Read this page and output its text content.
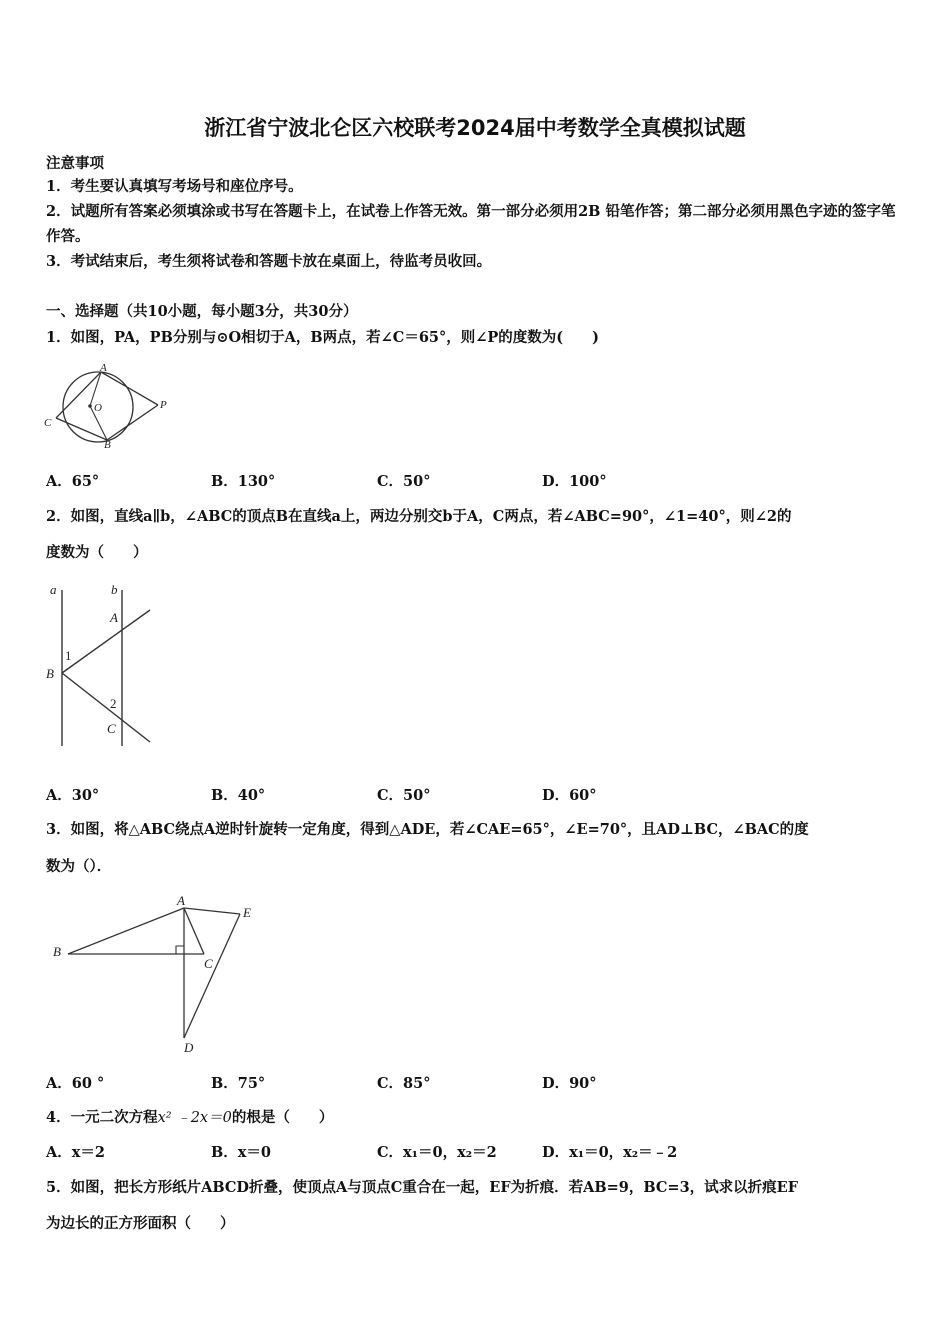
浙江省宁波北仑区六校联考2024届中考数学全真模拟试题
注意事项
1．考生要认真填写考场号和座位序号。
2．试题所有答案必须填涂或书写在答题卡上，在试卷上作答无效。第一部分必须用2B 铅笔作答；第二部分必须用黑色字迹的签字笔作答。
3．考试结束后，考生须将试卷和答题卡放在桌面上，待监考员收回。
一、选择题（共10小题，每小题3分，共30分）
1．如图，PA，PB分别与⊙O相切于A，B两点，若∠C＝65°，则∠P的度数为(　　)
A
O	P
C
B
A．65°	B．130°	C．50°	D．100°
2．如图，直线a∥b，∠ABC的顶点B在直线a上，两边分别交b于A，C两点，若∠ABC=90°，∠1=40°，则∠2的
度数为（　　）
a	b
A
1
B
2
C
A．30°	B．40°	C．50°	D．60°
3．如图，将△ABC绕点A逆时针旋转一定角度，得到△ADE，若∠CAE=65°，∠E=70°，且AD⊥BC，∠BAC的度
数为（）．
A
E
B
C
D
A．60 °	B．75°	C．85°	D．90°
4．一元二次方程x² ﹣2x＝0的根是（　　）
A．x＝2	B．x＝0	C．x₁＝0，x₂＝2	D．x₁＝0，x₂＝﹣2
5．如图，把长方形纸片ABCD折叠，使顶点A与顶点C重合在一起，EF为折痕．若AB=9，BC=3，试求以折痕EF
为边长的正方形面积（　　）
